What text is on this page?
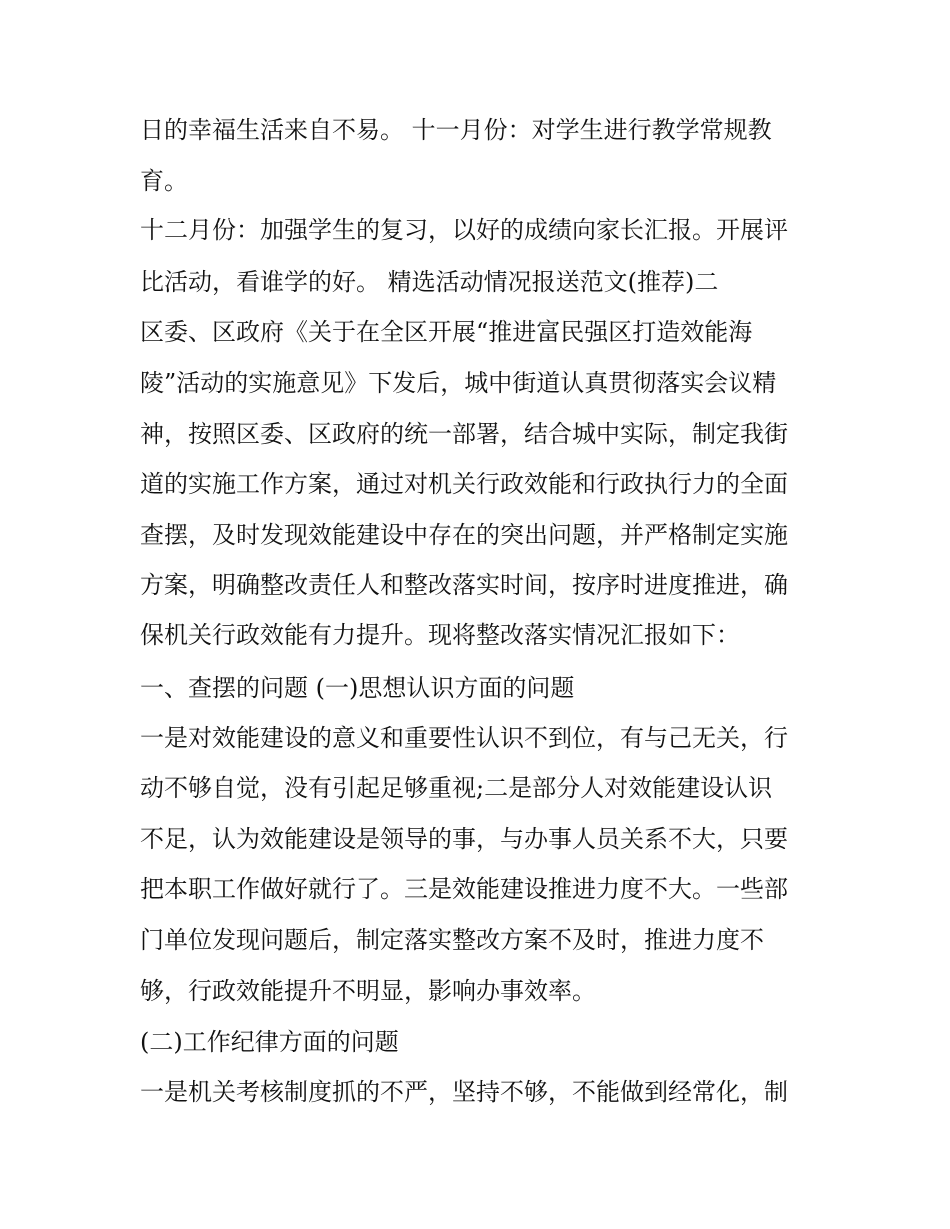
日的幸福生活来自不易。 十一月份：对学生进行教学常规教
育。
十二月份：加强学生的复习，以好的成绩向家长汇报。开展评
比活动，看谁学的好。 精选活动情况报送范文(推荐)二
区委、区政府《关于在全区开展“推进富民强区打造效能海
陵”活动的实施意见》下发后，城中街道认真贯彻落实会议精
神，按照区委、区政府的统一部署，结合城中实际，制定我街
道的实施工作方案，通过对机关行政效能和行政执行力的全面
查摆，及时发现效能建设中存在的突出问题，并严格制定实施
方案，明确整改责任人和整改落实时间，按序时进度推进，确
保机关行政效能有力提升。现将整改落实情况汇报如下：
一、查摆的问题 (一)思想认识方面的问题
一是对效能建设的意义和重要性认识不到位，有与己无关，行
动不够自觉，没有引起足够重视;二是部分人对效能建设认识
不足，认为效能建设是领导的事，与办事人员关系不大，只要
把本职工作做好就行了。三是效能建设推进力度不大。一些部
门单位发现问题后，制定落实整改方案不及时，推进力度不
够，行政效能提升不明显，影响办事效率。
(二)工作纪律方面的问题
一是机关考核制度抓的不严，坚持不够，不能做到经常化，制
